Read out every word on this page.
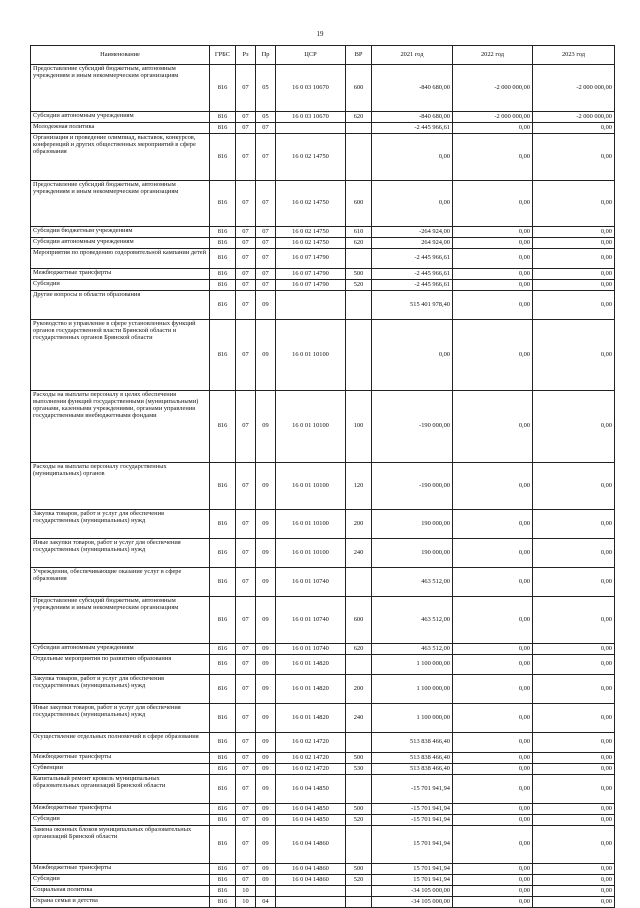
19
Наименование	ГРБС	Рз	Пр	ЦСР	ВР	2021 год	2022 год	2023 год
Предоставление субсидий бюджетным, автономным учреждениям и иным некоммерческим организациям	816	07	05	16 0 03 10670	600	-840 680,00	-2 000 000,00	-2 000 000,00
Субсидии автономным учреждениям	816	07	05	16 0 03 10670	620	-840 680,00	-2 000 000,00	-2 000 000,00
Молодежная политика	816	07	07			-2 445 966,61	0,00	0,00
Организация и проведение олимпиад, выставок, конкурсов, конференций и других общественных мероприятий в сфере образования	816	07	07	16 0 02 14750		0,00	0,00	0,00
Предоставление субсидий бюджетным, автономным учреждениям и иным некоммерческим организациям	816	07	07	16 0 02 14750	600	0,00	0,00	0,00
Субсидии бюджетным учреждениям	816	07	07	16 0 02 14750	610	-264 924,00	0,00	0,00
Субсидии автономным учреждениям	816	07	07	16 0 02 14750	620	264 924,00	0,00	0,00
Мероприятия по проведению оздоровительной кампании детей	816	07	07	16 0 07 14790		-2 445 966,61	0,00	0,00
Межбюджетные трансферты	816	07	07	16 0 07 14790	500	-2 445 966,61	0,00	0,00
Субсидии	816	07	07	16 0 07 14790	520	-2 445 966,61	0,00	0,00
Другие вопросы в области образования	816	07	09			515 401 978,40	0,00	0,00
Руководство и управление в сфере установленных функций органов государственной власти Брянской области и государственных органов Брянской области	816	07	09	16 0 01 10100		0,00	0,00	0,00
Расходы на выплаты персоналу в целях обеспечения выполнения функций государственными (муниципальными) органами, казенными учреждениями, органами управления государственными внебюджетными фондами	816	07	09	16 0 01 10100	100	-190 000,00	0,00	0,00
Расходы на выплаты персоналу государственных (муниципальных) органов	816	07	09	16 0 01 10100	120	-190 000,00	0,00	0,00
Закупка товаров, работ и услуг для обеспечения государственных (муниципальных) нужд	816	07	09	16 0 01 10100	200	190 000,00	0,00	0,00
Иные закупки товаров, работ и услуг для обеспечения государственных (муниципальных) нужд	816	07	09	16 0 01 10100	240	190 000,00	0,00	0,00
Учреждения, обеспечивающие оказание услуг в сфере образования	816	07	09	16 0 01 10740		463 512,00	0,00	0,00
Предоставление субсидий бюджетным, автономным учреждениям и иным некоммерческим организациям	816	07	09	16 0 01 10740	600	463 512,00	0,00	0,00
Субсидии автономным учреждениям	816	07	09	16 0 01 10740	620	463 512,00	0,00	0,00
Отдельные мероприятия по развитию образования	816	07	09	16 0 01 14820		1 100 000,00	0,00	0,00
Закупка товаров, работ и услуг для обеспечения государственных (муниципальных) нужд	816	07	09	16 0 01 14820	200	1 100 000,00	0,00	0,00
Иные закупки товаров, работ и услуг для обеспечения государственных (муниципальных) нужд	816	07	09	16 0 01 14820	240	1 100 000,00	0,00	0,00
Осуществление отдельных полномочий в сфере образования	816	07	09	16 0 02 14720		513 838 466,40	0,00	0,00
Межбюджетные трансферты	816	07	09	16 0 02 14720	500	513 838 466,40	0,00	0,00
Субвенции	816	07	09	16 0 02 14720	530	513 838 466,40	0,00	0,00
Капитальный ремонт кровель муниципальных образовательных организаций Брянской области	816	07	09	16 0 04 14850		-15 701 941,94	0,00	0,00
Межбюджетные трансферты	816	07	09	16 0 04 14850	500	-15 701 941,94	0,00	0,00
Субсидии	816	07	09	16 0 04 14850	520	-15 701 941,94	0,00	0,00
Замена оконных блоков муниципальных образовательных организаций Брянской области	816	07	09	16 0 04 14860		15 701 941,94	0,00	0,00
Межбюджетные трансферты	816	07	09	16 0 04 14860	500	15 701 941,94	0,00	0,00
Субсидии	816	07	09	16 0 04 14860	520	15 701 941,94	0,00	0,00
Социальная политика	816	10				-34 105 000,00	0,00	0,00
Охрана семьи и детства	816	10	04			-34 105 000,00	0,00	0,00
